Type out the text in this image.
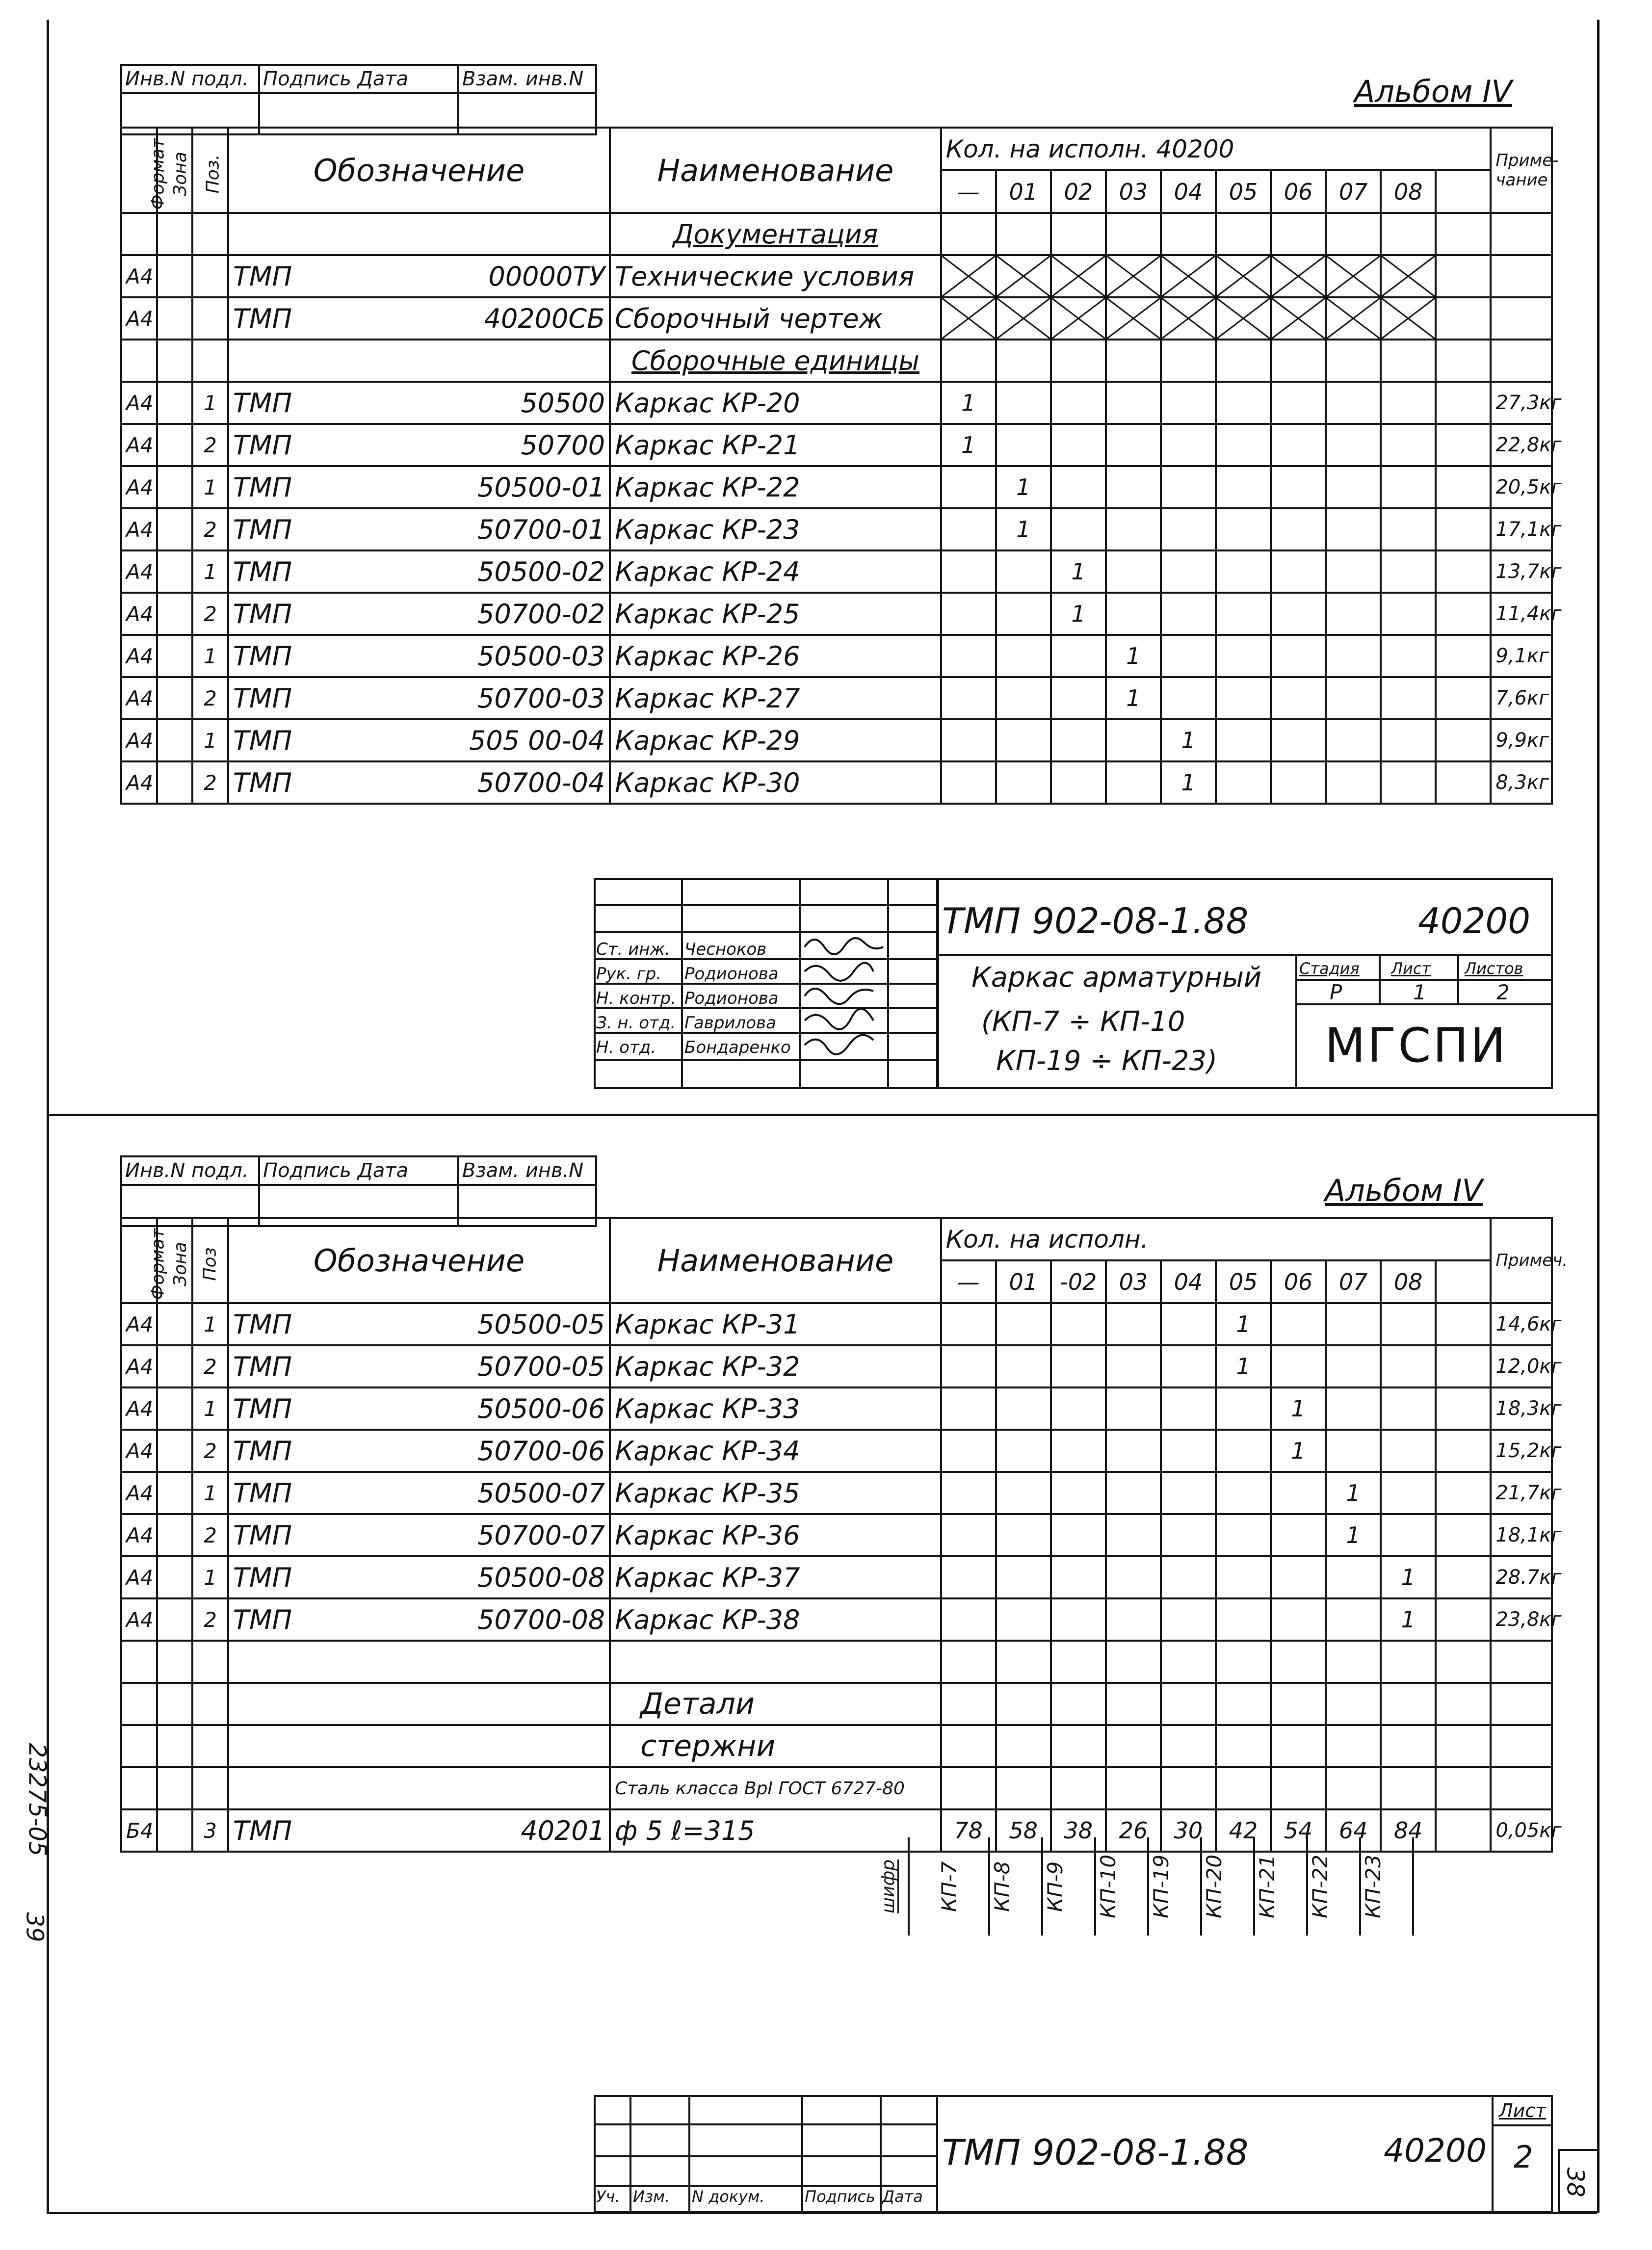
Инв.N подл.	Подпись Дата	Взам. инв.N
			Альбом IV
Формат	Зона	Поз.	Обозначение	Наименование	Кол. на исполн. 40200										Приме-чание
					—	01	02	03	04	05	06	07	08		
				Документация											
А4			ТМП 00000ТУ	Технические условия	

А4			ТМП 40200СБ	Сборочный чертеж	

				Сборочные единицы											
А4		1	ТМП 50500	Каркас КР-20	1										27,3кг
А4		2	ТМП 50700	Каркас КР-21	1										22,8кг
А4		1	ТМП 50500-01	Каркас КР-22		1									20,5кг
А4		2	ТМП 50700-01	Каркас КР-23		1									17,1кг
А4		1	ТМП 50500-02	Каркас КР-24			1								13,7кг
А4		2	ТМП 50700-02	Каркас КР-25			1								11,4кг
А4		1	ТМП 50500-03	Каркас КР-26				1							9,1кг
А4		2	ТМП 50700-03	Каркас КР-27				1							7,6кг
А4		1	ТМП 505 00-04	Каркас КР-29					1						9,9кг
А4		2	ТМП 50700-04	Каркас КР-30					1						8,3кг
Ст. инж. Чесноков
Рук. гр. Родионова
Н. контр. Родионова
З. н. отд. Гаврилова
Н. отд. Бондаренко
ТМП 902-08-1.88	40200
Каркас арматурный
(КП-7 ÷ КП-10
КП-19 ÷ КП-23)
Стадия Лист Листов
Р	1	2
МГСПИ
Инв.N подл.	Подпись Дата	Взам. инв.N

Альбом IV
Формат	Зона	Поз	Обозначение	Наименование	Кол. на исполн.										Примеч.
					—	01	-02	03	04	05	06	07	08		
А4		1	ТМП 50500-05	Каркас КР-31						1					14,6кг
А4		2	ТМП 50700-05	Каркас КР-32						1					12,0кг
А4		1	ТМП 50500-06	Каркас КР-33							1				18,3кг
А4		2	ТМП 50700-06	Каркас КР-34							1				15,2кг
А4		1	ТМП 50500-07	Каркас КР-35								1			21,7кг
А4		2	ТМП 50700-07	Каркас КР-36								1			18,1кг
А4		1	ТМП 50500-08	Каркас КР-37									1		28.7кг
А4		2	ТМП 50700-08	Каркас КР-38									1		23,8кг

				Детали											
				стержни											
				Сталь класса ВрI ГОСТ 6727-80											
Б4		3	ТМП 40201	ф 5 ℓ=315	78	58	38	26	30	42	54	64	84		0,05кг
шифр	КП-7	КП-8	КП-9	КП-10	КП-19	КП-20	КП-21	КП-22	КП-23
23275-05
39
Уч. Изм. N докум.	Подпись Дата
ТМП 902-08-1.88	40200
Лист
2
38
